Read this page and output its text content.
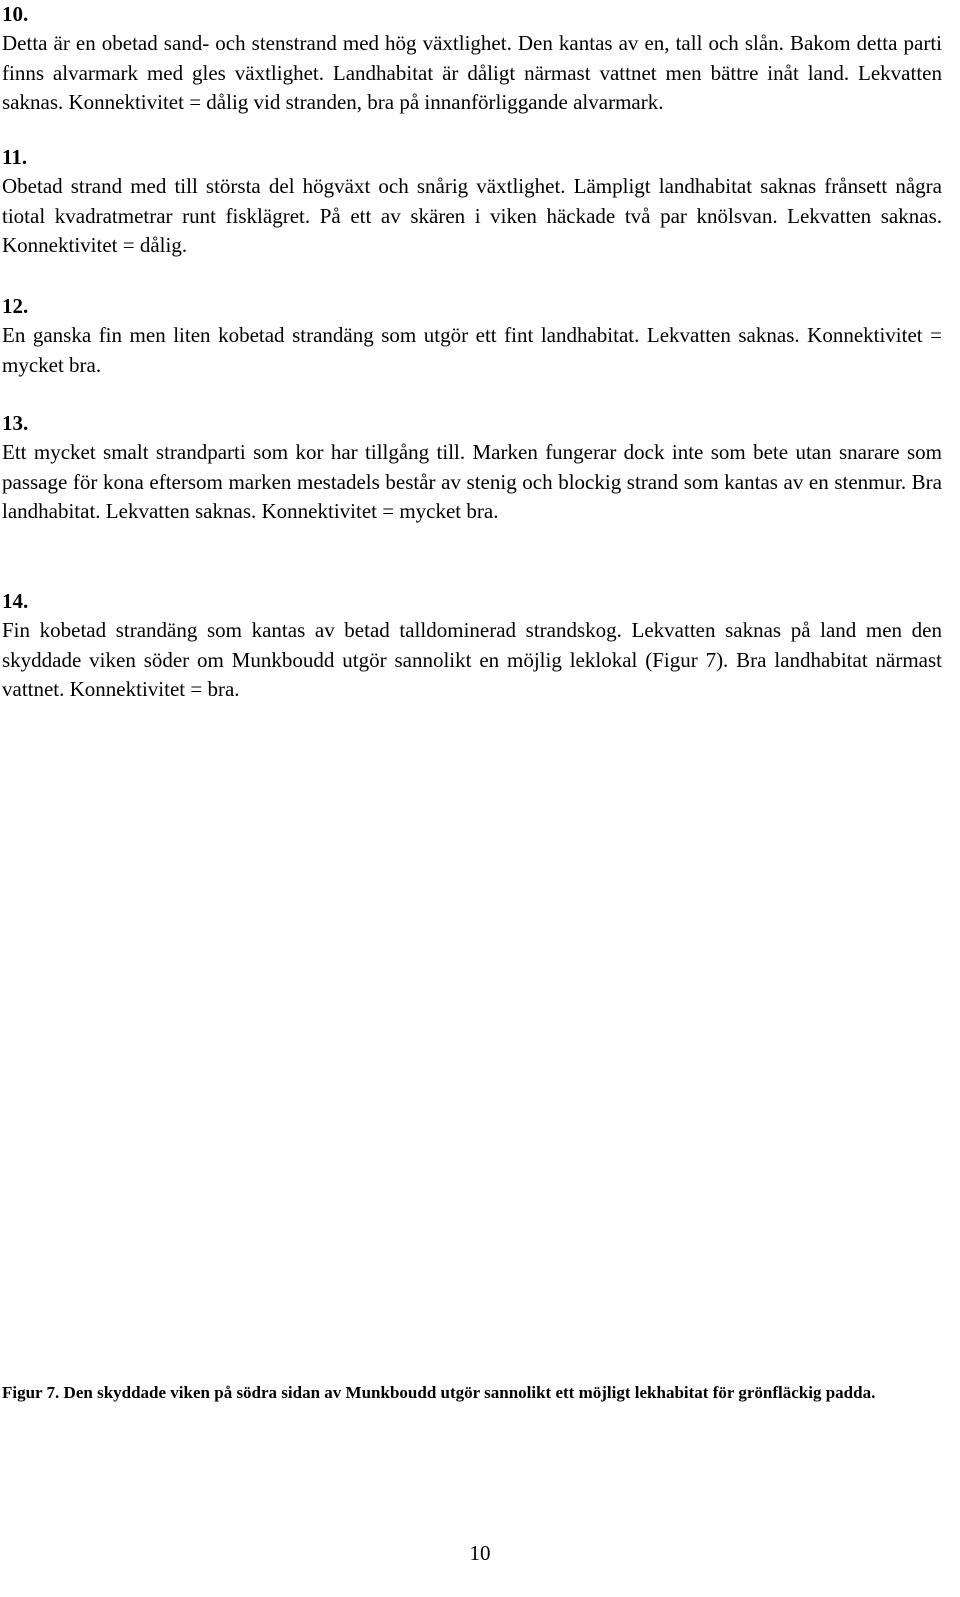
10.

Detta är en obetad sand- och stenstrand med hög växtlighet. Den kantas av en, tall och slån. Bakom detta parti finns alvarmark med gles växtlighet. Landhabitat är dåligt närmast vattnet men bättre inåt land. Lekvatten saknas. Konnektivitet = dålig vid stranden, bra på innanförliggande alvarmark.

11.

Obetad strand med till största del högväxt och snårig växtlighet. Lämpligt landhabitat saknas frånsett några tiotal kvadratmetrar runt fisklägret. På ett av skären i viken häckade två par knölsvan. Lekvatten saknas. Konnektivitet = dålig.

12.

En ganska fin men liten kobetad strandäng som utgör ett fint landhabitat. Lekvatten saknas. Konnektivitet = mycket bra.

13.

Ett mycket smalt strandparti som kor har tillgång till. Marken fungerar dock inte som bete utan snarare som passage för kona eftersom marken mestadels består av stenig och blockig strand som kantas av en stenmur. Bra landhabitat. Lekvatten saknas. Konnektivitet = mycket bra.

14.

Fin kobetad strandäng som kantas av betad talldominerad strandskog. Lekvatten saknas på land men den skyddade viken söder om Munkboudd utgör sannolikt en möjlig leklokal (Figur 7). Bra landhabitat närmast vattnet. Konnektivitet = bra.

Figur 7. Den skyddade viken på södra sidan av Munkboudd utgör sannolikt ett möjligt lekhabitat för grönfläckig padda.

10
